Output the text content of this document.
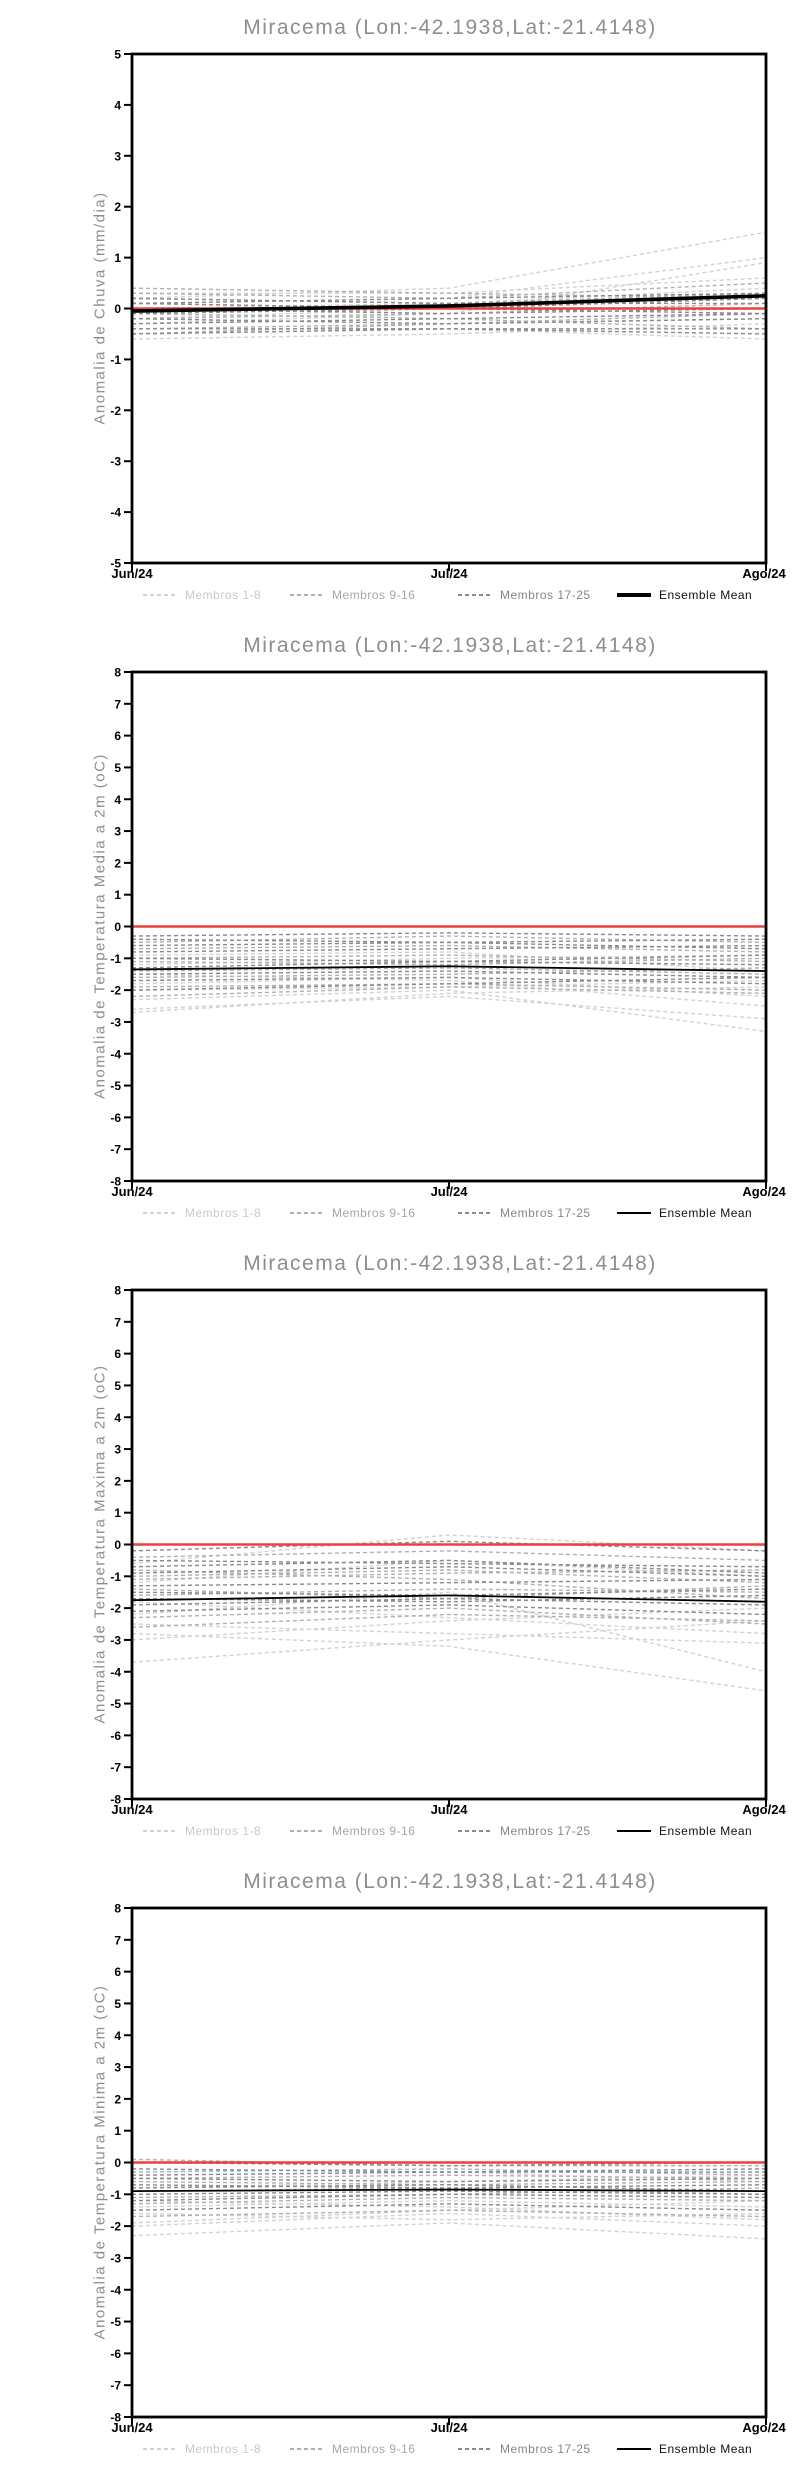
Miracema (Lon:-42.1938,Lat:-21.4148)
Anomalia de Chuva (mm/dia)
5
4
3
2
1
0
-1
-2
-3
-4
-5
Jun/24	Jul/24	Ago/24
Membros 1-8	Membros 9-16	Membros 17-25	Ensemble Mean
Miracema (Lon:-42.1938,Lat:-21.4148)
Anomalia de Temperatura Media a 2m (oC)
8
7
6
5
4
3
2
1
0
-1
-2
-3
-4
-5
-6
-7
-8
Jun/24	Jul/24	Ago/24
Membros 1-8	Membros 9-16	Membros 17-25	Ensemble Mean
Miracema (Lon:-42.1938,Lat:-21.4148)
Anomalia de Temperatura Maxima a 2m (oC)
8
7
6
5
4
3
2
1
0
-1
-2
-3
-4
-5
-6
-7
-8
Jun/24	Jul/24	Ago/24
Membros 1-8	Membros 9-16	Membros 17-25	Ensemble Mean
Miracema (Lon:-42.1938,Lat:-21.4148)
Anomalia de Temperatura Minima a 2m (oC)
8
7
6
5
4
3
2
1
0
-1
-2
-3
-4
-5
-6
-7
-8
Jun/24	Jul/24	Ago/24
Membros 1-8	Membros 9-16	Membros 17-25	Ensemble Mean
